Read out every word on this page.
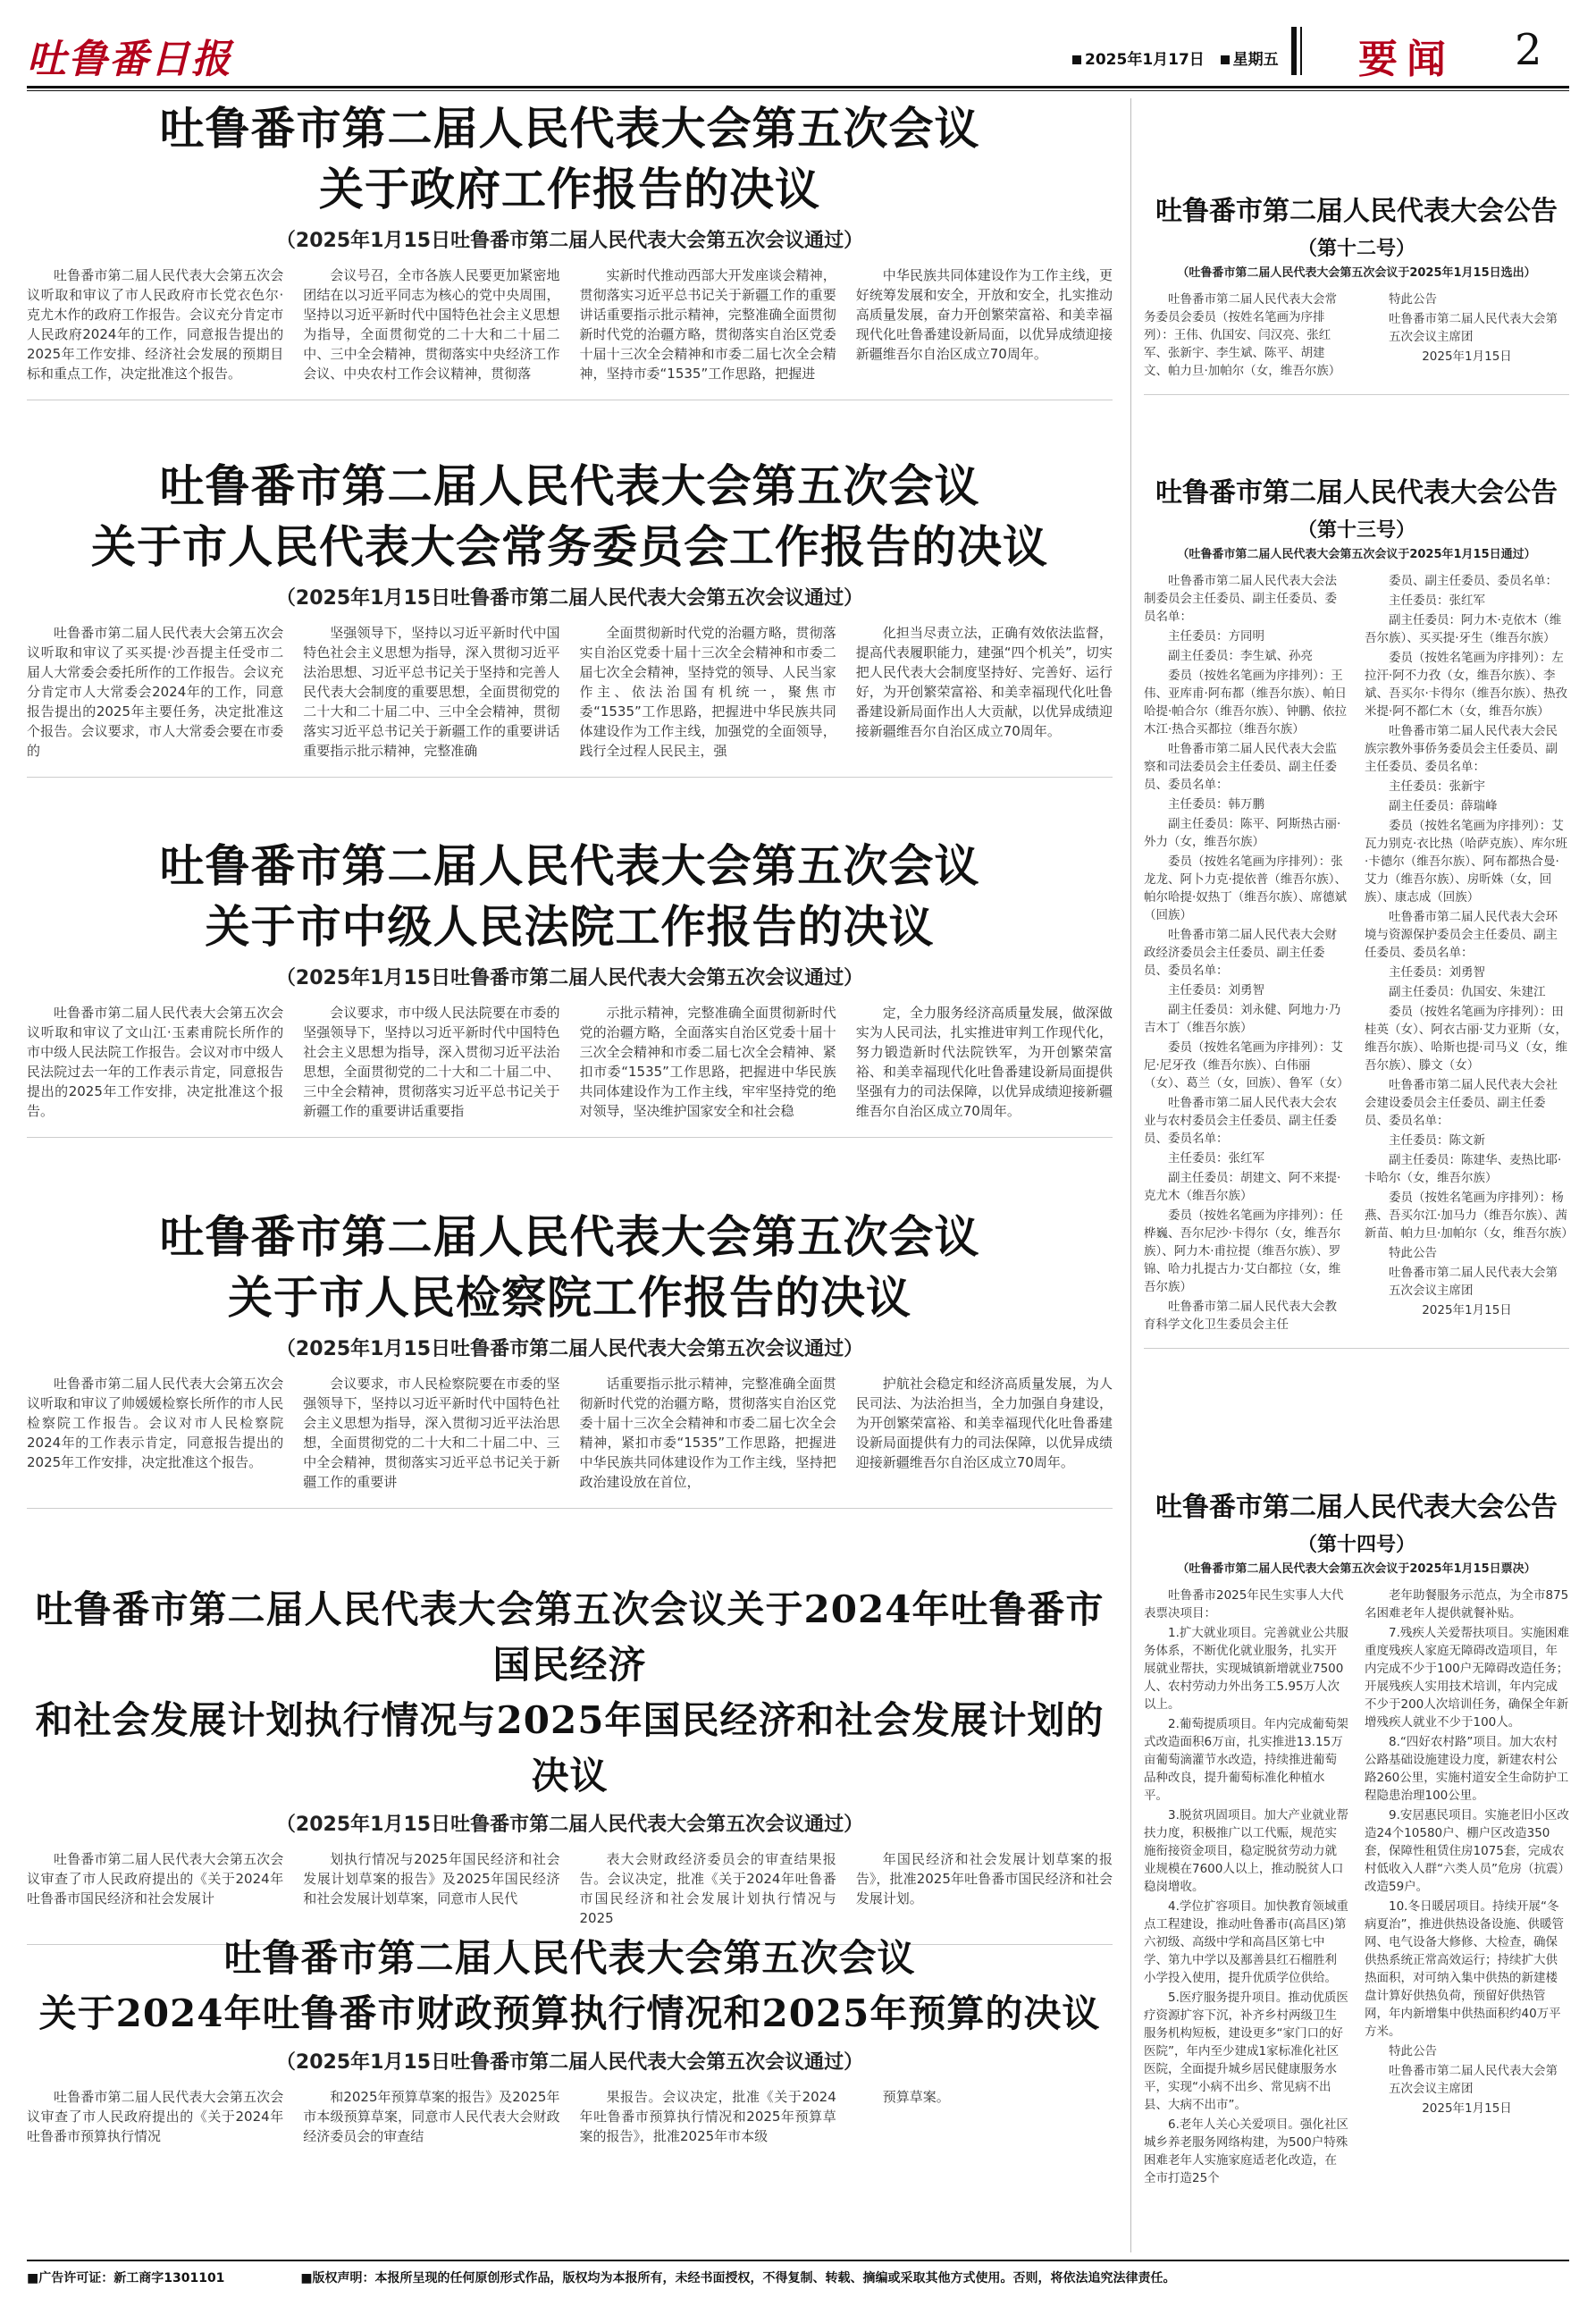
吐鲁番日报	2025年1月17日 星期五 要闻 2
吐鲁番市第二届人民代表大会第五次会议
关于政府工作报告的决议
（2025年1月15日吐鲁番市第二届人民代表大会第五次会议通过）

吐鲁番市第二届人民代表大会第五次会议听取和审议了市人民政府市长党衣色尔·克尤木作的政府工作报告。会议充分肯定市人民政府2024年的工作，同意报告提出的2025年工作安排、经济社会发展的预期目标和重点工作，决定批准这个报告。

会议号召，全市各族人民要更加紧密地团结在以习近平同志为核心的党中央周围，坚持以习近平新时代中国特色社会主义思想为指导，全面贯彻党的二十大和二十届二中、三中全会精神，贯彻落实中央经济工作会议、中央农村工作会议精神，贯彻落

实新时代推动西部大开发座谈会精神，贯彻落实习近平总书记关于新疆工作的重要讲话重要指示批示精神，完整准确全面贯彻新时代党的治疆方略，贯彻落实自治区党委十届十三次全会精神和市委二届七次全会精神，坚持市委“1535”工作思路，把握进

中华民族共同体建设作为工作主线，更好统筹发展和安全，开放和安全，扎实推动高质量发展，奋力开创繁荣富裕、和美幸福现代化吐鲁番建设新局面，以优异成绩迎接新疆维吾尔自治区成立70周年。

吐鲁番市第二届人民代表大会第五次会议
关于市人民代表大会常务委员会工作报告的决议
（2025年1月15日吐鲁番市第二届人民代表大会第五次会议通过）

吐鲁番市第二届人民代表大会第五次会议听取和审议了买买提·沙吾提主任受市二届人大常委会委托所作的工作报告。会议充分肯定市人大常委会2024年的工作，同意报告提出的2025年主要任务，决定批准这个报告。会议要求，市人大常委会要在市委的

坚强领导下，坚持以习近平新时代中国特色社会主义思想为指导，深入贯彻习近平法治思想、习近平总书记关于坚持和完善人民代表大会制度的重要思想，全面贯彻党的二十大和二十届二中、三中全会精神，贯彻落实习近平总书记关于新疆工作的重要讲话重要指示批示精神，完整准确

全面贯彻新时代党的治疆方略，贯彻落实自治区党委十届十三次全会精神和市委二届七次全会精神，坚持党的领导、人民当家作主、依法治国有机统一，聚焦市委“1535”工作思路，把握进中华民族共同体建设作为工作主线，加强党的全面领导，践行全过程人民民主，强

化担当尽责立法，正确有效依法监督，提高代表履职能力，建强“四个机关”，切实把人民代表大会制度坚持好、完善好、运行好，为开创繁荣富裕、和美幸福现代化吐鲁番建设新局面作出人大贡献，以优异成绩迎接新疆维吾尔自治区成立70周年。

吐鲁番市第二届人民代表大会第五次会议
关于市中级人民法院工作报告的决议
（2025年1月15日吐鲁番市第二届人民代表大会第五次会议通过）

吐鲁番市第二届人民代表大会第五次会议听取和审议了文山江·玉素甫院长所作的市中级人民法院工作报告。会议对市中级人民法院过去一年的工作表示肯定，同意报告提出的2025年工作安排，决定批准这个报告。

会议要求，市中级人民法院要在市委的坚强领导下，坚持以习近平新时代中国特色社会主义思想为指导，深入贯彻习近平法治思想，全面贯彻党的二十大和二十届二中、三中全会精神，贯彻落实习近平总书记关于新疆工作的重要讲话重要指

示批示精神，完整准确全面贯彻新时代党的治疆方略，全面落实自治区党委十届十三次全会精神和市委二届七次全会精神、紧扣市委“1535”工作思路，把握进中华民族共同体建设作为工作主线，牢牢坚持党的绝对领导，坚决维护国家安全和社会稳

定，全力服务经济高质量发展，做深做实为人民司法，扎实推进审判工作现代化，努力锻造新时代法院铁军，为开创繁荣富裕、和美幸福现代化吐鲁番建设新局面提供坚强有力的司法保障，以优异成绩迎接新疆维吾尔自治区成立70周年。

吐鲁番市第二届人民代表大会第五次会议
关于市人民检察院工作报告的决议
（2025年1月15日吐鲁番市第二届人民代表大会第五次会议通过）

吐鲁番市第二届人民代表大会第五次会议听取和审议了帅媛媛检察长所作的市人民检察院工作报告。会议对市人民检察院2024年的工作表示肯定，同意报告提出的2025年工作安排，决定批准这个报告。

会议要求，市人民检察院要在市委的坚强领导下，坚持以习近平新时代中国特色社会主义思想为指导，深入贯彻习近平法治思想，全面贯彻党的二十大和二十届二中、三中全会精神，贯彻落实习近平总书记关于新疆工作的重要讲

话重要指示批示精神，完整准确全面贯彻新时代党的治疆方略，贯彻落实自治区党委十届十三次全会精神和市委二届七次全会精神，紧扣市委“1535”工作思路，把握进中华民族共同体建设作为工作主线，坚持把政治建设放在首位，

护航社会稳定和经济高质量发展，为人民司法、为法治担当，全力加强自身建设，为开创繁荣富裕、和美幸福现代化吐鲁番建设新局面提供有力的司法保障，以优异成绩迎接新疆维吾尔自治区成立70周年。

吐鲁番市第二届人民代表大会第五次会议关于2024年吐鲁番市国民经济
和社会发展计划执行情况与2025年国民经济和社会发展计划的决议
（2025年1月15日吐鲁番市第二届人民代表大会第五次会议通过）

吐鲁番市第二届人民代表大会第五次会议审查了市人民政府提出的《关于2024年吐鲁番市国民经济和社会发展计

划执行情况与2025年国民经济和社会发展计划草案的报告》及2025年国民经济和社会发展计划草案，同意市人民代

表大会财政经济委员会的审查结果报告。会议决定，批准《关于2024年吐鲁番市国民经济和社会发展计划执行情况与2025

年国民经济和社会发展计划草案的报告》，批准2025年吐鲁番市国民经济和社会发展计划。

吐鲁番市第二届人民代表大会第五次会议
关于2024年吐鲁番市财政预算执行情况和2025年预算的决议
（2025年1月15日吐鲁番市第二届人民代表大会第五次会议通过）

吐鲁番市第二届人民代表大会第五次会议审查了市人民政府提出的《关于2024年吐鲁番市预算执行情况

和2025年预算草案的报告》及2025年市本级预算草案，同意市人民代表大会财政经济委员会的审查结

果报告。会议决定，批准《关于2024年吐鲁番市预算执行情况和2025年预算草案的报告》，批准2025年市本级

预算草案。

吐鲁番市第二届人民代表大会公告
（第十二号）
（吐鲁番市第二届人民代表大会第五次会议于2025年1月15日选出）

吐鲁番市第二届人民代表大会常务委员会委员（按姓名笔画为序排列）：王伟、仇国安、闫汉亮、张红军、张新宇、李生斌、陈平、胡建文、帕力旦·加帕尔（女，维吾尔族）

特此公告

吐鲁番市第二届人民代表大会第五次会议主席团

2025年1月15日

吐鲁番市第二届人民代表大会公告
（第十三号）
（吐鲁番市第二届人民代表大会第五次会议于2025年1月15日通过）

吐鲁番市第二届人民代表大会法制委员会主任委员、副主任委员、委员名单：

主任委员：方同明

副主任委员：李生斌、孙亮

委员（按姓名笔画为序排列）：王伟、亚库甫·阿布都（维吾尔族）、帕日哈提·帕合尔（维吾尔族）、钟鹏、依拉木江·热合买都拉（维吾尔族）

吐鲁番市第二届人民代表大会监察和司法委员会主任委员、副主任委员、委员名单：

主任委员：韩万鹏

副主任委员：陈平、阿斯热古丽·外力（女，维吾尔族）

委员（按姓名笔画为序排列）：张龙龙、阿卜力克·提依普（维吾尔族）、帕尔哈提·奴热丁（维吾尔族）、席德斌（回族）

吐鲁番市第二届人民代表大会财政经济委员会主任委员、副主任委员、委员名单：

主任委员：刘勇智

副主任委员：刘永健、阿地力·乃吉木丁（维吾尔族）

委员（按姓名笔画为序排列）：艾尼·尼牙孜（维吾尔族）、白伟丽（女）、葛兰（女，回族）、鲁军（女）

吐鲁番市第二届人民代表大会农业与农村委员会主任委员、副主任委员、委员名单：

主任委员：张红军

副主任委员：胡建文、阿不来提·克尤木（维吾尔族）

委员（按姓名笔画为序排列）：任桦巍、吾尔尼沙·卡得尔（女，维吾尔族）、阿力木·甫拉提（维吾尔族）、罗锦、哈力扎提古力·艾白都拉（女，维吾尔族）

吐鲁番市第二届人民代表大会教育科学文化卫生委员会主任

委员、副主任委员、委员名单：

主任委员：张红军

副主任委员：阿力木·克依木（维吾尔族）、买买提·牙生（维吾尔族）

委员（按姓名笔画为序排列）：左拉汗·阿不力孜（女，维吾尔族）、李斌、吾买尔·卡得尔（维吾尔族）、热孜米提·阿不都仁木（女，维吾尔族）

吐鲁番市第二届人民代表大会民族宗教外事侨务委员会主任委员、副主任委员、委员名单：

主任委员：张新宇

副主任委员：薛瑞峰

委员（按姓名笔画为序排列）：艾瓦力别克·衣比热（哈萨克族）、库尔班·卡德尔（维吾尔族）、阿布都热合曼·艾力（维吾尔族）、房昕姝（女，回族）、康志成（回族）

吐鲁番市第二届人民代表大会环境与资源保护委员会主任委员、副主任委员、委员名单：

主任委员：刘勇智

副主任委员：仇国安、朱建江

委员（按姓名笔画为序排列）：田桂英（女）、阿衣古丽·艾力亚斯（女，维吾尔族）、哈斯也提·司马义（女，维吾尔族）、滕文（女）

吐鲁番市第二届人民代表大会社会建设委员会主任委员、副主任委员、委员名单：

主任委员：陈文新

副主任委员：陈建华、麦热比耶·卡哈尔（女，维吾尔族）

委员（按姓名笔画为序排列）：杨燕、吾买尔江·加马力（维吾尔族）、茜新苗、帕力旦·加帕尔（女，维吾尔族）

特此公告

吐鲁番市第二届人民代表大会第五次会议主席团

2025年1月15日

吐鲁番市第二届人民代表大会公告
（第十四号）
（吐鲁番市第二届人民代表大会第五次会议于2025年1月15日票决）

吐鲁番市2025年民生实事人大代表票决项目：

1.扩大就业项目。完善就业公共服务体系，不断优化就业服务，扎实开展就业帮扶，实现城镇新增就业7500人、农村劳动力外出务工5.95万人次以上。

2.葡萄提质项目。年内完成葡萄架式改造面积6万亩，扎实推进13.15万亩葡萄滴灌节水改造，持续推进葡萄品种改良，提升葡萄标准化种植水平。

3.脱贫巩固项目。加大产业就业帮扶力度，积极推广以工代赈，规范实施衔接资金项目，稳定脱贫劳动力就业规模在7600人以上，推动脱贫人口稳岗增收。

4.学位扩容项目。加快教育领域重点工程建设，推动吐鲁番市(高昌区)第六初级、高级中学和高昌区第七中学、第九中学以及鄯善县红石榴胜利小学投入使用，提升优质学位供给。

5.医疗服务提升项目。推动优质医疗资源扩容下沉，补齐乡村两级卫生服务机构短板，建设更多“家门口的好医院”，年内至少建成1家标准化社区医院，全面提升城乡居民健康服务水平，实现“小病不出乡、常见病不出县、大病不出市”。

6.老年人关心关爱项目。强化社区城乡养老服务网络构建，为500户特殊困难老年人实施家庭适老化改造，在全市打造25个

老年助餐服务示范点，为全市875名困难老年人提供就餐补贴。

7.残疾人关爱帮扶项目。实施困难重度残疾人家庭无障碍改造项目，年内完成不少于100户无障碍改造任务；开展残疾人实用技术培训，年内完成不少于200人次培训任务，确保全年新增残疾人就业不少于100人。

8.“四好农村路”项目。加大农村公路基础设施建设力度，新建农村公路260公里，实施村道安全生命防护工程隐患治理100公里。

9.安居惠民项目。实施老旧小区改造24个10580户、棚户区改造350套，保障性租赁住房1075套，完成农村低收入人群“六类人员”危房（抗震）改造59户。

10.冬日暖居项目。持续开展“冬病夏治”，推进供热设备设施、供暖管网、电气设备大修修、大检查，确保供热系统正常高效运行；持续扩大供热面积，对可纳入集中供热的新建楼盘计算好供热负荷，预留好供热管网，年内新增集中供热面积约40万平方米。

特此公告

吐鲁番市第二届人民代表大会第五次会议主席团

2025年1月15日

■广告许可证：新工商字1301101	■版权声明：本报所呈现的任何原创形式作品，版权均为本报所有，未经书面授权，不得复制、转载、摘编或采取其他方式使用。否则，将依法追究法律责任。
